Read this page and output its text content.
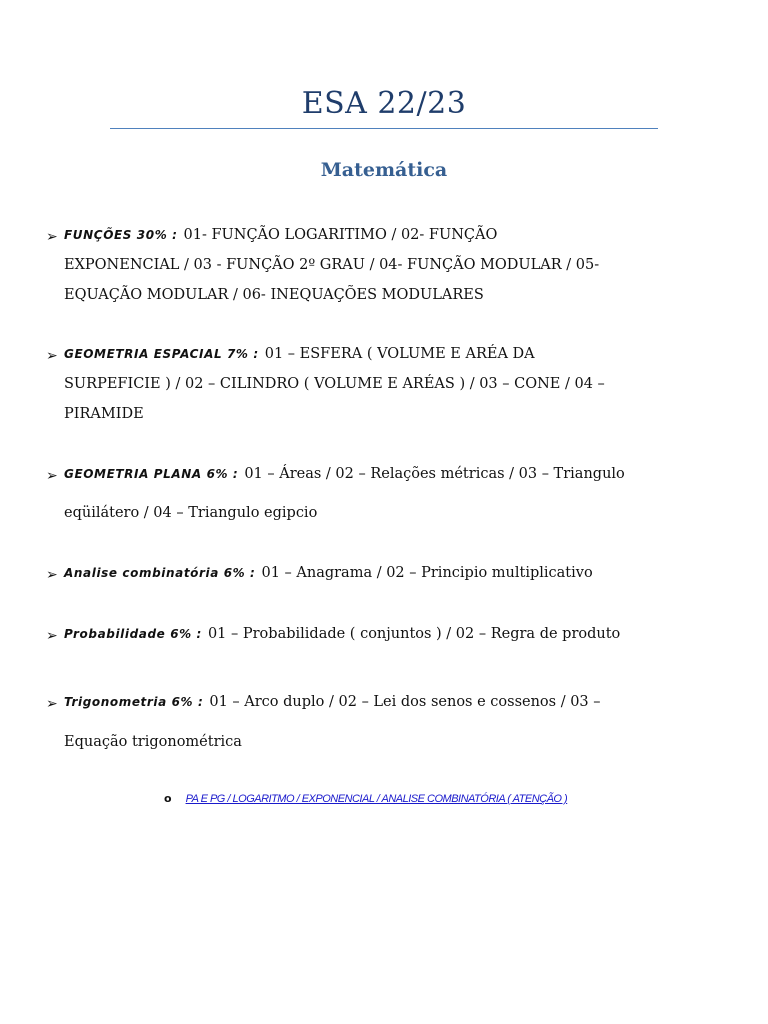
ESA 22/23
Matemática
➢ FUNÇÕES 30% : 01- FUNÇÃO LOGARITIMO / 02- FUNÇÃO
EXPONENCIAL / 03 - FUNÇÃO 2º GRAU / 04- FUNÇÃO MODULAR / 05-
EQUAÇÃO MODULAR / 06- INEQUAÇÕES MODULARES
➢ GEOMETRIA ESPACIAL 7% : 01 – ESFERA ( VOLUME E ARÉA DA
SURPEFICIE ) / 02 – CILINDRO ( VOLUME E ARÉAS ) / 03 – CONE / 04 –
PIRAMIDE
➢ GEOMETRIA PLANA 6% : 01 – Áreas / 02 – Relações métricas / 03 – Triangulo
eqüilátero / 04 – Triangulo egipcio
➢ Analise combinatória 6% : 01 – Anagrama / 02 – Principio multiplicativo
➢ Probabilidade 6% : 01 – Probabilidade ( conjuntos ) / 02 – Regra de produto
➢ Trigonometria 6% : 01 – Arco duplo / 02 – Lei dos senos e cossenos / 03 –
Equação trigonométrica
o PA E PG / LOGARITMO / EXPONENCIAL / ANALISE COMBINATÓRIA ( ATENÇÃO )
